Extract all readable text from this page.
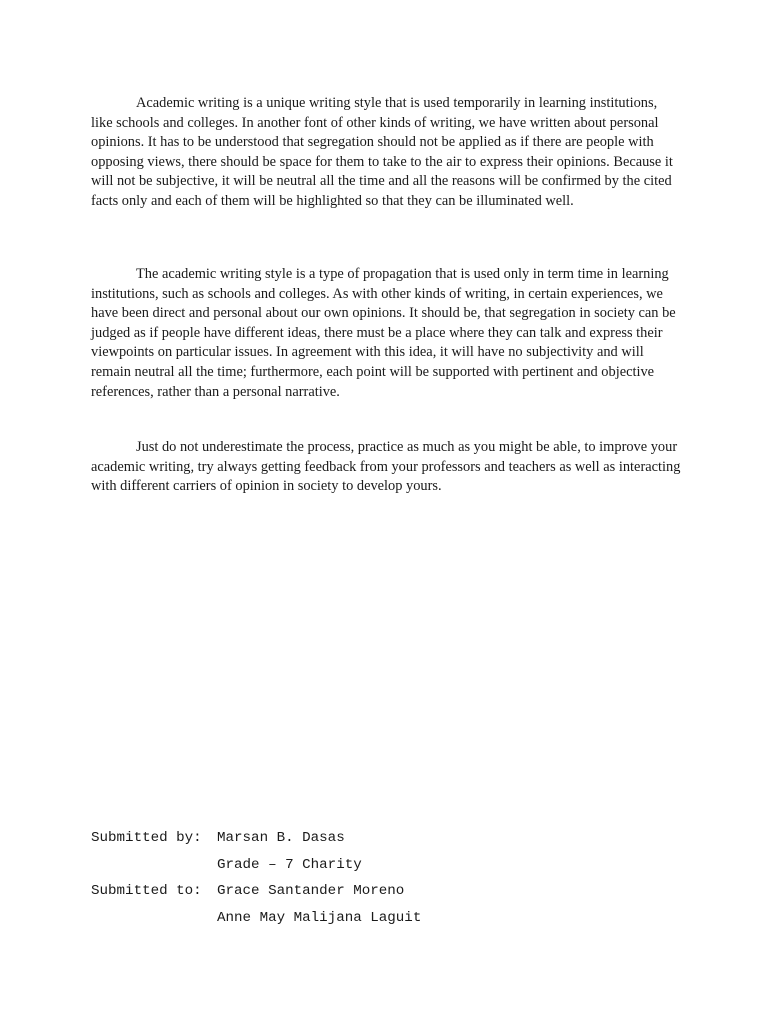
Academic writing is a unique writing style that is used temporarily in learning institutions, like schools and colleges. In another font of other kinds of writing, we have written about personal opinions. It has to be understood that segregation should not be applied as if there are people with opposing views, there should be space for them to take to the air to express their opinions. Because it will not be subjective, it will be neutral all the time and all the reasons will be confirmed by the cited facts only and each of them will be highlighted so that they can be illuminated well.

The academic writing style is a type of propagation that is used only in term time in learning institutions, such as schools and colleges. As with other kinds of writing, in certain experiences, we have been direct and personal about our own opinions. It should be, that segregation in society can be judged as if people have different ideas, there must be a place where they can talk and express their viewpoints on particular issues. In agreement with this idea, it will have no subjectivity and will remain neutral all the time; furthermore, each point will be supported with pertinent and objective references, rather than a personal narrative.

Just do not underestimate the process, practice as much as you might be able, to improve your academic writing, try always getting feedback from your professors and teachers as well as interacting with different carriers of opinion in society to develop yours.

Submitted by:	Marsan B. Dasas
Grade – 7 Charity
Submitted to:	Grace Santander Moreno
Anne May Malijana Laguit
